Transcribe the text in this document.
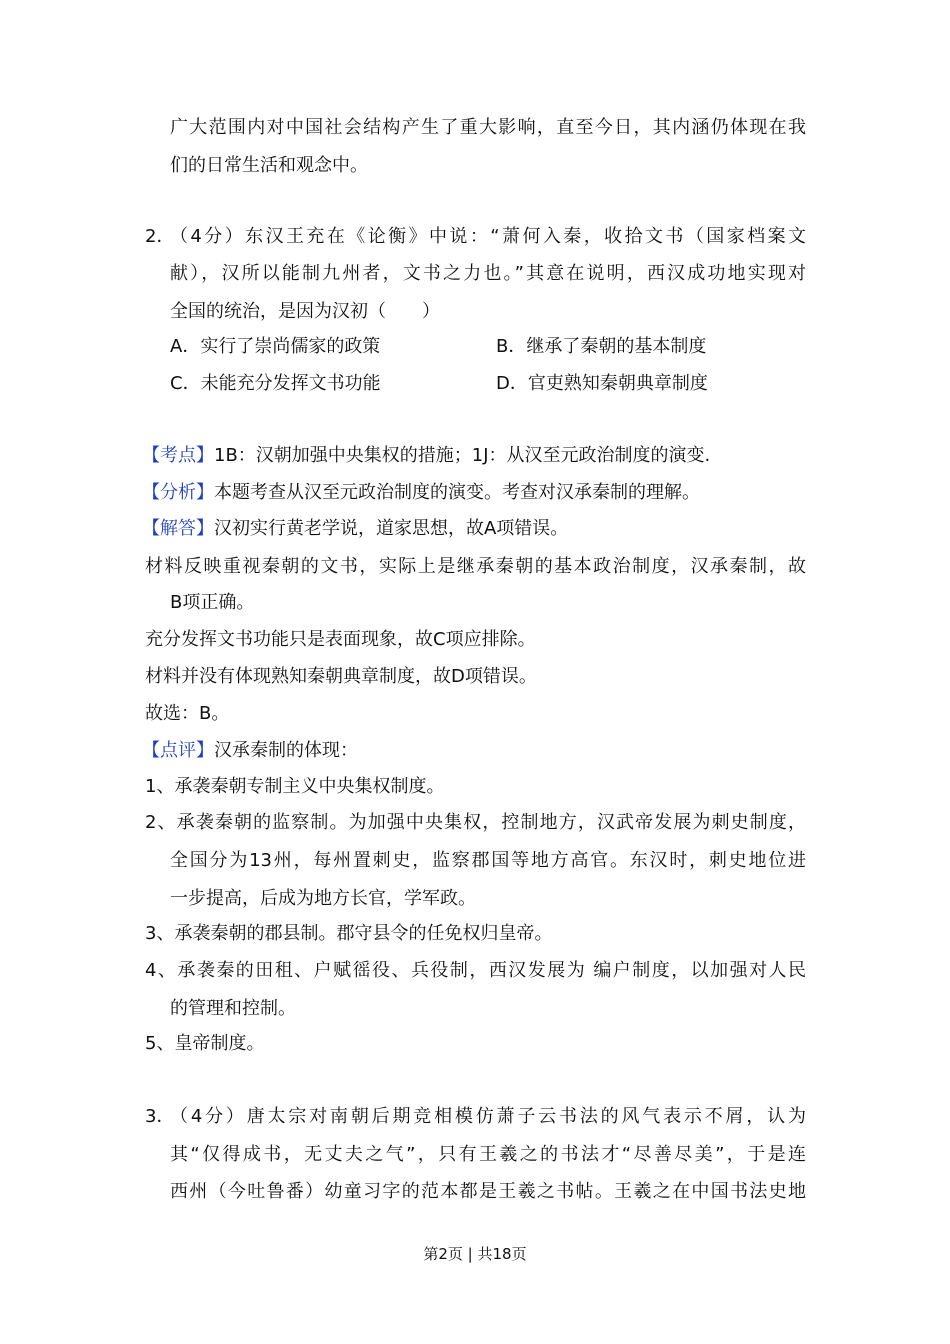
广大范围内对中国社会结构产生了重大影响，直至今日，其内涵仍体现在我
们的日常生活和观念中。
2．
（4分）东汉王充在《论衡》中说：“萧何入秦，收拾文书（国家档案文
献），汉所以能制九州者，文书之力也。”其意在说明，西汉成功地实现对
全国的统治，是因为汉初（　　）
A．实行了崇尚儒家的政策	B．继承了秦朝的基本制度
C．未能充分发挥文书功能	D．官吏熟知秦朝典章制度
【考点】1B：汉朝加强中央集权的措施；1J：从汉至元政治制度的演变.
【分析】本题考查从汉至元政治制度的演变。考查对汉承秦制的理解。
【解答】汉初实行黄老学说，道家思想，故A项错误。
材料反映重视秦朝的文书，实际上是继承秦朝的基本政治制度，汉承秦制，故
B项正确。
充分发挥文书功能只是表面现象，故C项应排除。
材料并没有体现熟知秦朝典章制度，故D项错误。
故选：B。
【点评】汉承秦制的体现：
1、承袭秦朝专制主义中央集权制度。
2、承袭秦朝的监察制。为加强中央集权，控制地方，汉武帝发展为刺史制度，
全国分为13州，每州置刺史，监察郡国等地方高官。东汉时，刺史地位进
一步提高，后成为地方长官，学军政。
3、承袭秦朝的郡县制。郡守县令的任免权归皇帝。
4、承袭秦的田租、户赋徭役、兵役制，西汉发展为 编户制度，以加强对人民
的管理和控制。
5、皇帝制度。
3．
（4分）唐太宗对南朝后期竞相模仿萧子云书法的风气表示不屑，认为
其“仅得成书，无丈夫之气”，只有王羲之的书法才“尽善尽美”，于是连
西州（今吐鲁番）幼童习字的范本都是王羲之书帖。王羲之在中国书法史地
第2页 | 共18页
